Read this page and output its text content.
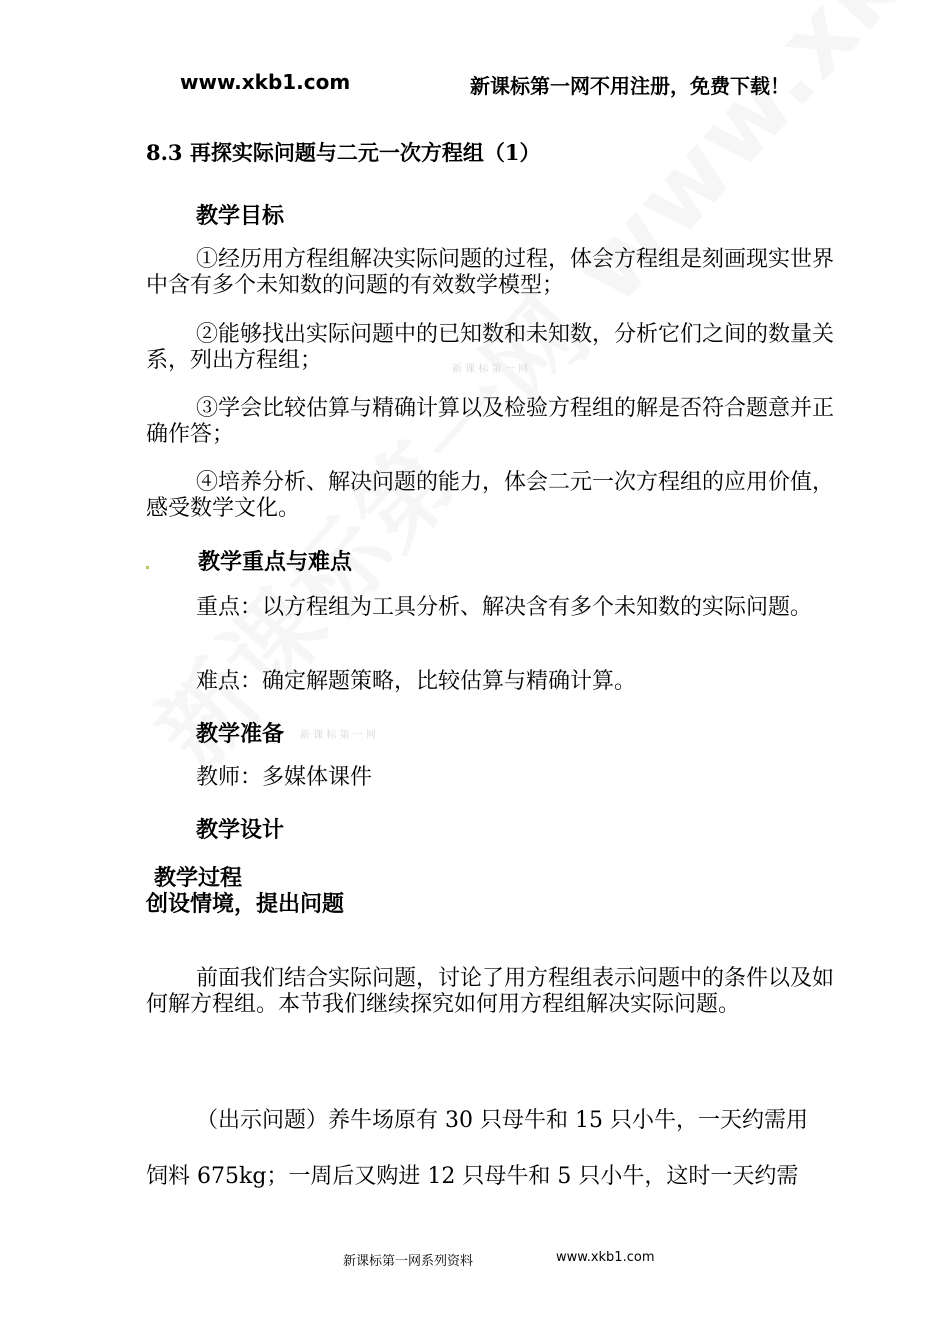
新 课 标 第 一 网
新 课 标 第 一 网
www.xkb1.com	新课标第一网不用注册，免费下载！
8.3 再探实际问题与二元一次方程组（1）
教学目标
①经历用方程组解决实际问题的过程，体会方程组是刻画现实世界中含有多个未知数的问题的有效数学模型；
②能够找出实际问题中的已知数和未知数，分析它们之间的数量关系，列出方程组；
③学会比较估算与精确计算以及检验方程组的解是否符合题意并正确作答；
④培养分析、解决问题的能力，体会二元一次方程组的应用价值，感受数学文化。
教学重点与难点
重点：以方程组为工具分析、解决含有多个未知数的实际问题。
难点：确定解题策略，比较估算与精确计算。
教学准备
教师：多媒体课件
教学设计
教学过程
创设情境，提出问题
前面我们结合实际问题，讨论了用方程组表示问题中的条件以及如何解方程组。本节我们继续探究如何用方程组解决实际问题。
（出示问题）养牛场原有 30 只母牛和 15 只小牛，一天约需用
饲料 675kg；一周后又购进 12 只母牛和 5 只小牛，这时一天约需
新课标第一网系列资料	www.xkb1.com
